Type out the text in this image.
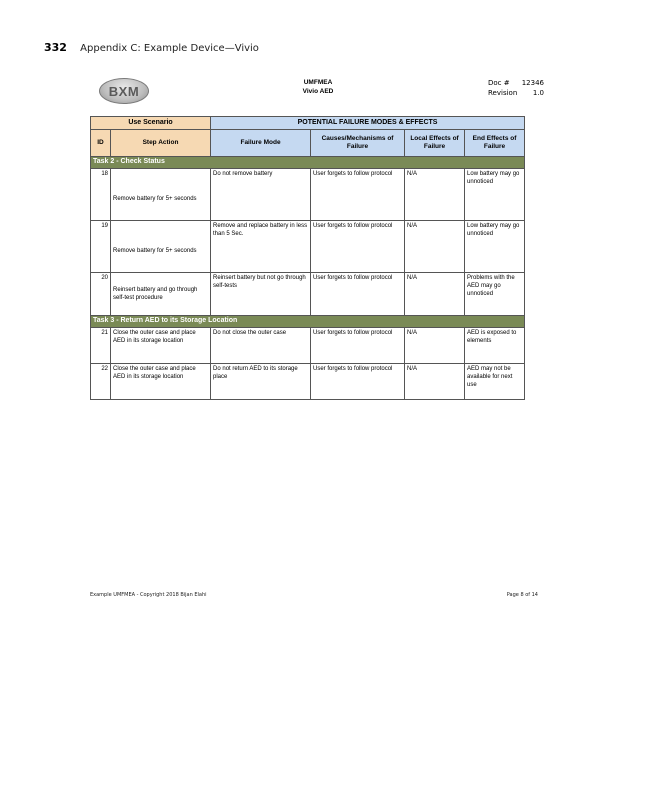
332 Appendix C: Example Device—Vivio
BXM
UMFMEA
Vivio AED
Doc # 12346
Revision 1.0
Use Scenario		POTENTIAL FAILURE MODES & EFFECTS			
ID	Step Action	Failure Mode	Causes/Mechanisms of Failure	Local Effects of Failure	End Effects of Failure
Task 2 - Check Status					
18	Remove battery for 5+ seconds	Do not remove battery	User forgets to follow protocol	N/A	Low battery may go unnoticed
19	Remove battery for 5+ seconds	Remove and replace battery in less than 5 Sec.	User forgets to follow protocol	N/A	Low battery may go unnoticed
20	Reinsert battery and go through self-test procedure	Reinsert battery but not go through self-tests	User forgets to follow protocol	N/A	Problems with the AED may go unnoticed
Task 3 - Return AED to its Storage Location					
21	Close the outer case and place AED in its storage location	Do not close the outer case	User forgets to follow protocol	N/A	AED is exposed to elements
22	Close the outer case and place AED in its storage location	Do not return AED to its storage place	User forgets to follow protocol	N/A	AED may not be available for next use
Example UMFMEA - Copyright 2018 Bijan Elahi	Page 8 of 14
